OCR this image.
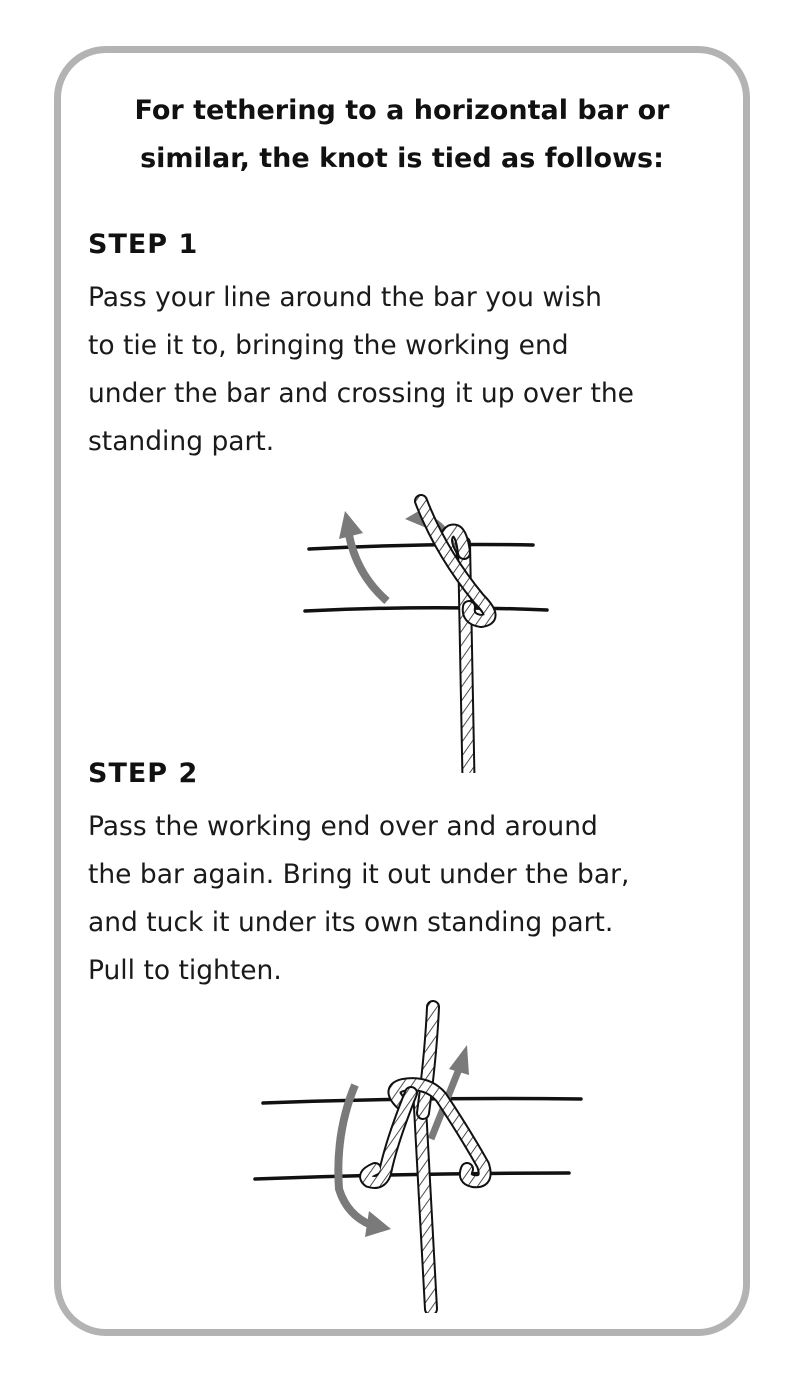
For tethering to a horizontal bar or
similar, the knot is tied as follows:

STEP 1

Pass your line around the bar you wish
to tie it to, bringing the working end
under the bar and crossing it up over the
standing part.

STEP 2

Pass the working end over and around
the bar again. Bring it out under the bar,
and tuck it under its own standing part.
Pull to tighten.
